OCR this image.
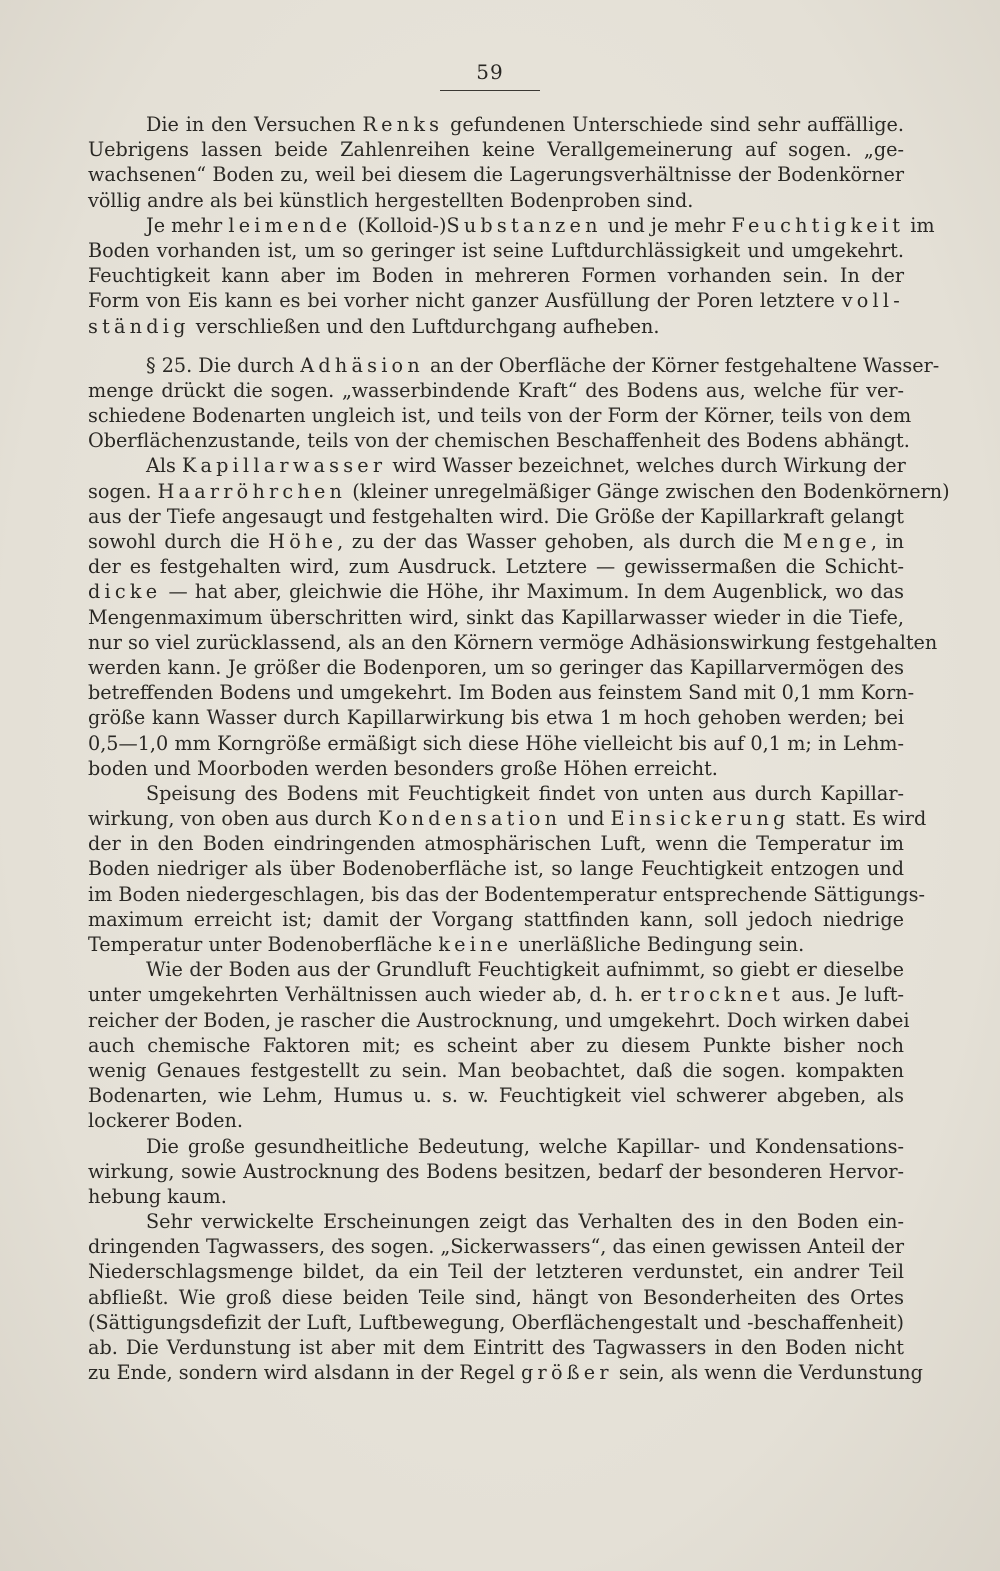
59
Die in den Versuchen Renks gefundenen Unterschiede sind sehr auffällige.
Uebrigens lassen beide Zahlenreihen keine Verallgemeinerung auf sogen. „ge-
wachsenen“ Boden zu, weil bei diesem die Lagerungsverhältnisse der Bodenkörner
völlig andre als bei künstlich hergestellten Bodenproben sind.
Je mehr leimende (Kolloid-)Substanzen und je mehr Feuchtigkeit im
Boden vorhanden ist, um so geringer ist seine Luftdurchlässigkeit und umgekehrt.
Feuchtigkeit kann aber im Boden in mehreren Formen vorhanden sein. In der
Form von Eis kann es bei vorher nicht ganzer Ausfüllung der Poren letztere voll-
ständig verschließen und den Luftdurchgang aufheben.
§ 25. Die durch Adhäsion an der Oberfläche der Körner festgehaltene Wasser-
menge drückt die sogen. „wasserbindende Kraft“ des Bodens aus, welche für ver-
schiedene Bodenarten ungleich ist, und teils von der Form der Körner, teils von dem
Oberflächenzustande, teils von der chemischen Beschaffenheit des Bodens abhängt.
Als Kapillarwasser wird Wasser bezeichnet, welches durch Wirkung der
sogen. Haarröhrchen (kleiner unregelmäßiger Gänge zwischen den Bodenkörnern)
aus der Tiefe angesaugt und festgehalten wird. Die Größe der Kapillarkraft gelangt
sowohl durch die Höhe, zu der das Wasser gehoben, als durch die Menge, in
der es festgehalten wird, zum Ausdruck. Letztere — gewissermaßen die Schicht-
dicke — hat aber, gleichwie die Höhe, ihr Maximum. In dem Augenblick, wo das
Mengenmaximum überschritten wird, sinkt das Kapillarwasser wieder in die Tiefe,
nur so viel zurücklassend, als an den Körnern vermöge Adhäsionswirkung festgehalten
werden kann. Je größer die Bodenporen, um so geringer das Kapillarvermögen des
betreffenden Bodens und umgekehrt. Im Boden aus feinstem Sand mit 0,1 mm Korn-
größe kann Wasser durch Kapillarwirkung bis etwa 1 m hoch gehoben werden; bei
0,5—1,0 mm Korngröße ermäßigt sich diese Höhe vielleicht bis auf 0,1 m; in Lehm-
boden und Moorboden werden besonders große Höhen erreicht.
Speisung des Bodens mit Feuchtigkeit findet von unten aus durch Kapillar-
wirkung, von oben aus durch Kondensation und Einsickerung statt. Es wird
der in den Boden eindringenden atmosphärischen Luft, wenn die Temperatur im
Boden niedriger als über Bodenoberfläche ist, so lange Feuchtigkeit entzogen und
im Boden niedergeschlagen, bis das der Bodentemperatur entsprechende Sättigungs-
maximum erreicht ist; damit der Vorgang stattfinden kann, soll jedoch niedrige
Temperatur unter Bodenoberfläche keine unerläßliche Bedingung sein.
Wie der Boden aus der Grundluft Feuchtigkeit aufnimmt, so giebt er dieselbe
unter umgekehrten Verhältnissen auch wieder ab, d. h. er trocknet aus. Je luft-
reicher der Boden, je rascher die Austrocknung, und umgekehrt. Doch wirken dabei
auch chemische Faktoren mit; es scheint aber zu diesem Punkte bisher noch
wenig Genaues festgestellt zu sein. Man beobachtet, daß die sogen. kompakten
Bodenarten, wie Lehm, Humus u. s. w. Feuchtigkeit viel schwerer abgeben, als
lockerer Boden.
Die große gesundheitliche Bedeutung, welche Kapillar- und Kondensations-
wirkung, sowie Austrocknung des Bodens besitzen, bedarf der besonderen Hervor-
hebung kaum.
Sehr verwickelte Erscheinungen zeigt das Verhalten des in den Boden ein-
dringenden Tagwassers, des sogen. „Sickerwassers“, das einen gewissen Anteil der
Niederschlagsmenge bildet, da ein Teil der letzteren verdunstet, ein andrer Teil
abfließt. Wie groß diese beiden Teile sind, hängt von Besonderheiten des Ortes
(Sättigungsdefizit der Luft, Luftbewegung, Oberflächengestalt und -beschaffenheit)
ab. Die Verdunstung ist aber mit dem Eintritt des Tagwassers in den Boden nicht
zu Ende, sondern wird alsdann in der Regel größer sein, als wenn die Verdunstung
